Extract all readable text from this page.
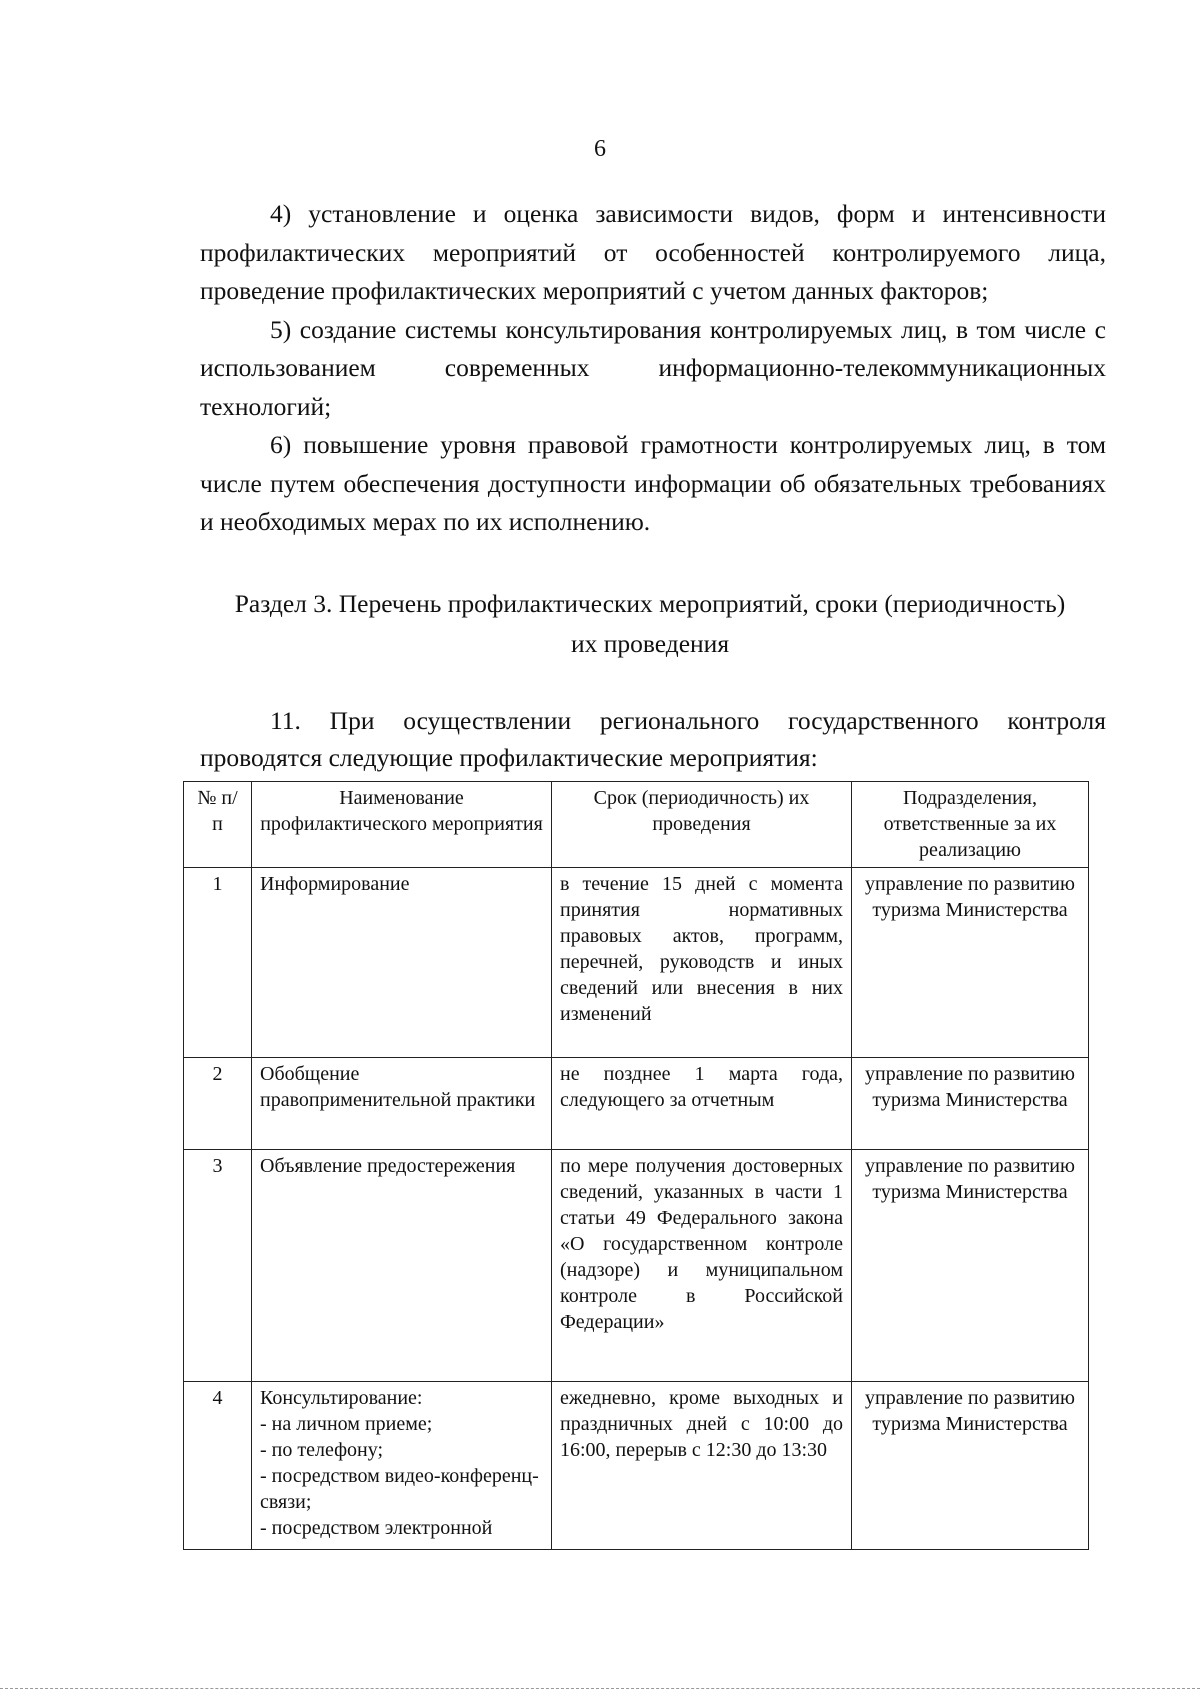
6

4) установление и оценка зависимости видов, форм и интенсивности профилактических мероприятий от особенностей контролируемого лица, проведение профилактических мероприятий с учетом данных факторов;

5) создание системы консультирования контролируемых лиц, в том числе с использованием современных информационно-телекоммуникационных технологий;

6) повышение уровня правовой грамотности контролируемых лиц, в том числе путем обеспечения доступности информации об обязательных требованиях и необходимых мерах по их исполнению.

Раздел 3. Перечень профилактических мероприятий, сроки (периодичность)
их проведения

11. При осуществлении регионального государственного контроля проводятся следующие профилактические мероприятия:

№ п/п	Наименование профилактического мероприятия	Срок (периодичность) их проведения	Подразделения, ответственные за их реализацию
1	Информирование	в течение 15 дней с момента принятия нормативных правовых актов, программ, перечней, руководств и иных сведений или внесения в них изменений	управление по развитию туризма Министерства
2	Обобщение правоприменительной практики	не позднее 1 марта года, следующего за отчетным	управление по развитию туризма Министерства
3	Объявление предостережения	по мере получения достоверных сведений, указанных в части 1 статьи 49 Федерального закона «О государственном контроле (надзоре) и муниципальном контроле в Российской Федерации»	управление по развитию туризма Министерства
4	Консультирование:
- на личном приеме;
- по телефону;
- посредством видео-конференц-связи;
- посредством электронной	ежедневно, кроме выходных и праздничных дней с 10:00 до 16:00, перерыв с 12:30 до 13:30	управление по развитию туризма Министерства
